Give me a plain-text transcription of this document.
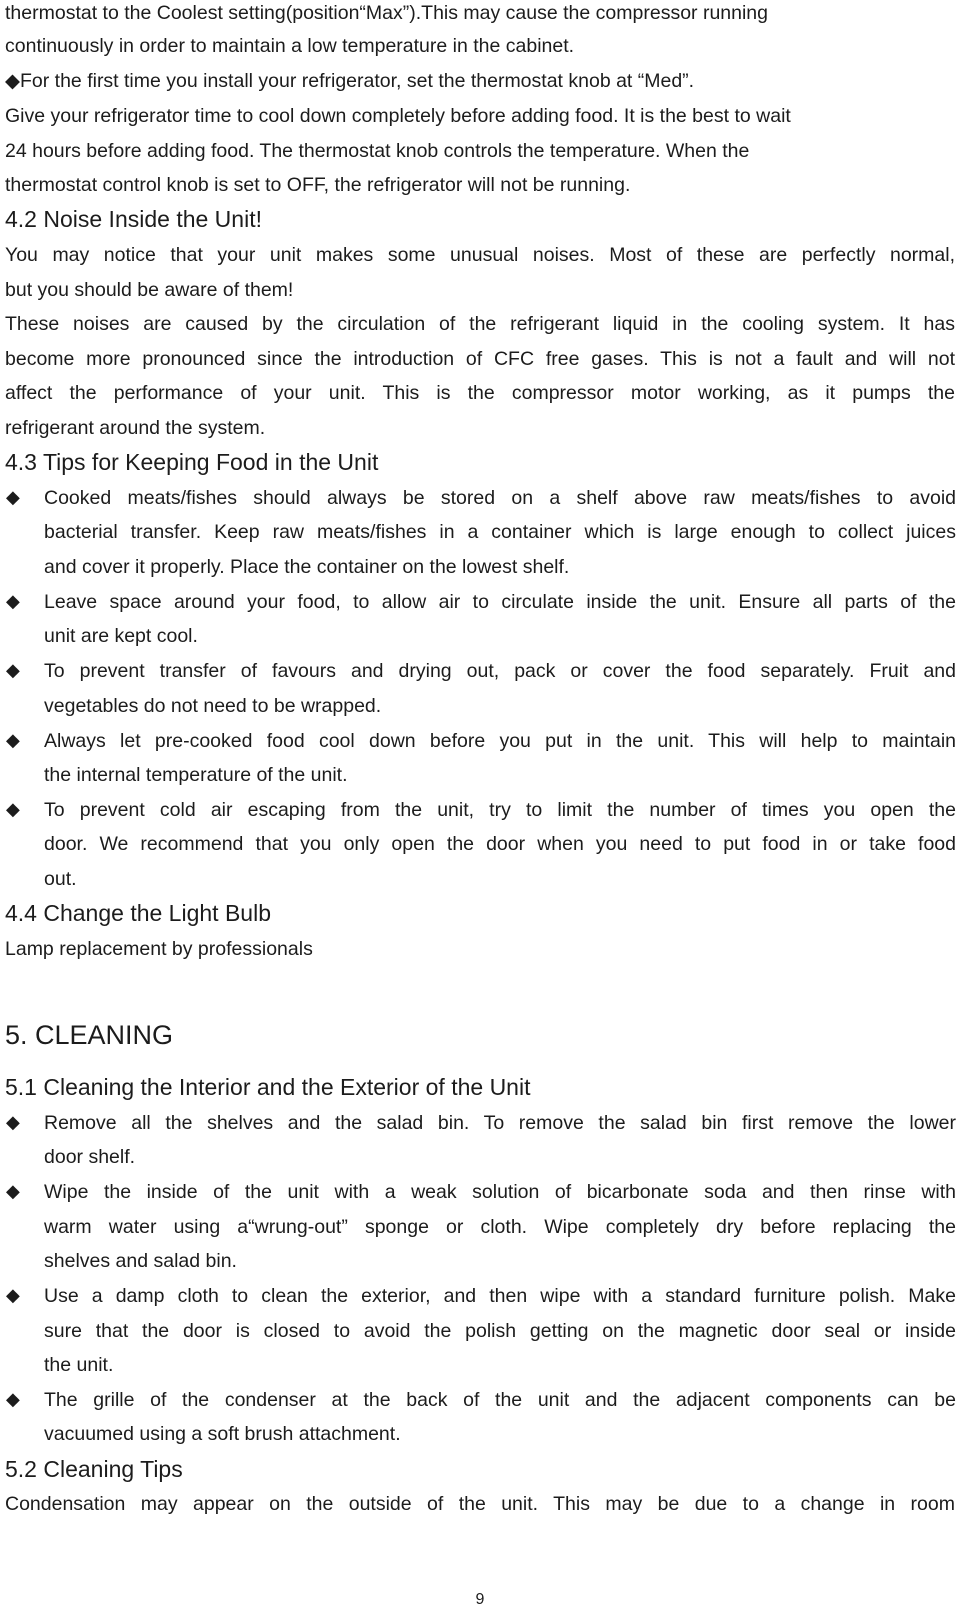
thermostat to the Coolest setting(position“Max”).This may cause the compressor running
continuously in order to maintain a low temperature in the cabinet.
◆For the first time you install your refrigerator, set the thermostat knob at “Med”.
Give your refrigerator time to cool down completely before adding food. It is the best to wait
24 hours before adding food. The thermostat knob controls the temperature. When the
thermostat control knob is set to OFF, the refrigerator will not be running.
4.2 Noise Inside the Unit!
You may notice that your unit makes some unusual noises. Most of these are perfectly normal,
but you should be aware of them!
These noises are caused by the circulation of the refrigerant liquid in the cooling system. It has
become more pronounced since the introduction of CFC free gases. This is not a fault and will not
affect the performance of your unit. This is the compressor motor working, as it pumps the
refrigerant around the system.
4.3 Tips for Keeping Food in the Unit
◆	Cooked meats/fishes should always be stored on a shelf above raw meats/fishes to avoid
bacterial transfer. Keep raw meats/fishes in a container which is large enough to collect juices
and cover it properly. Place the container on the lowest shelf.
◆	Leave space around your food, to allow air to circulate inside the unit. Ensure all parts of the
unit are kept cool.
◆	To prevent transfer of favours and drying out, pack or cover the food separately. Fruit and
vegetables do not need to be wrapped.
◆	Always let pre-cooked food cool down before you put in the unit. This will help to maintain
the internal temperature of the unit.
◆	To prevent cold air escaping from the unit, try to limit the number of times you open the
door. We recommend that you only open the door when you need to put food in or take food
out.
4.4 Change the Light Bulb
Lamp replacement by professionals
5. CLEANING
5.1 Cleaning the Interior and the Exterior of the Unit
◆	Remove all the shelves and the salad bin. To remove the salad bin first remove the lower
door shelf.
◆	Wipe the inside of the unit with a weak solution of bicarbonate soda and then rinse with
warm water using a“wrung-out” sponge or cloth. Wipe completely dry before replacing the
shelves and salad bin.
◆	Use a damp cloth to clean the exterior, and then wipe with a standard furniture polish. Make
sure that the door is closed to avoid the polish getting on the magnetic door seal or inside
the unit.
◆	The grille of the condenser at the back of the unit and the adjacent components can be
vacuumed using a soft brush attachment.
5.2 Cleaning Tips
Condensation may appear on the outside of the unit. This may be due to a change in room
9
